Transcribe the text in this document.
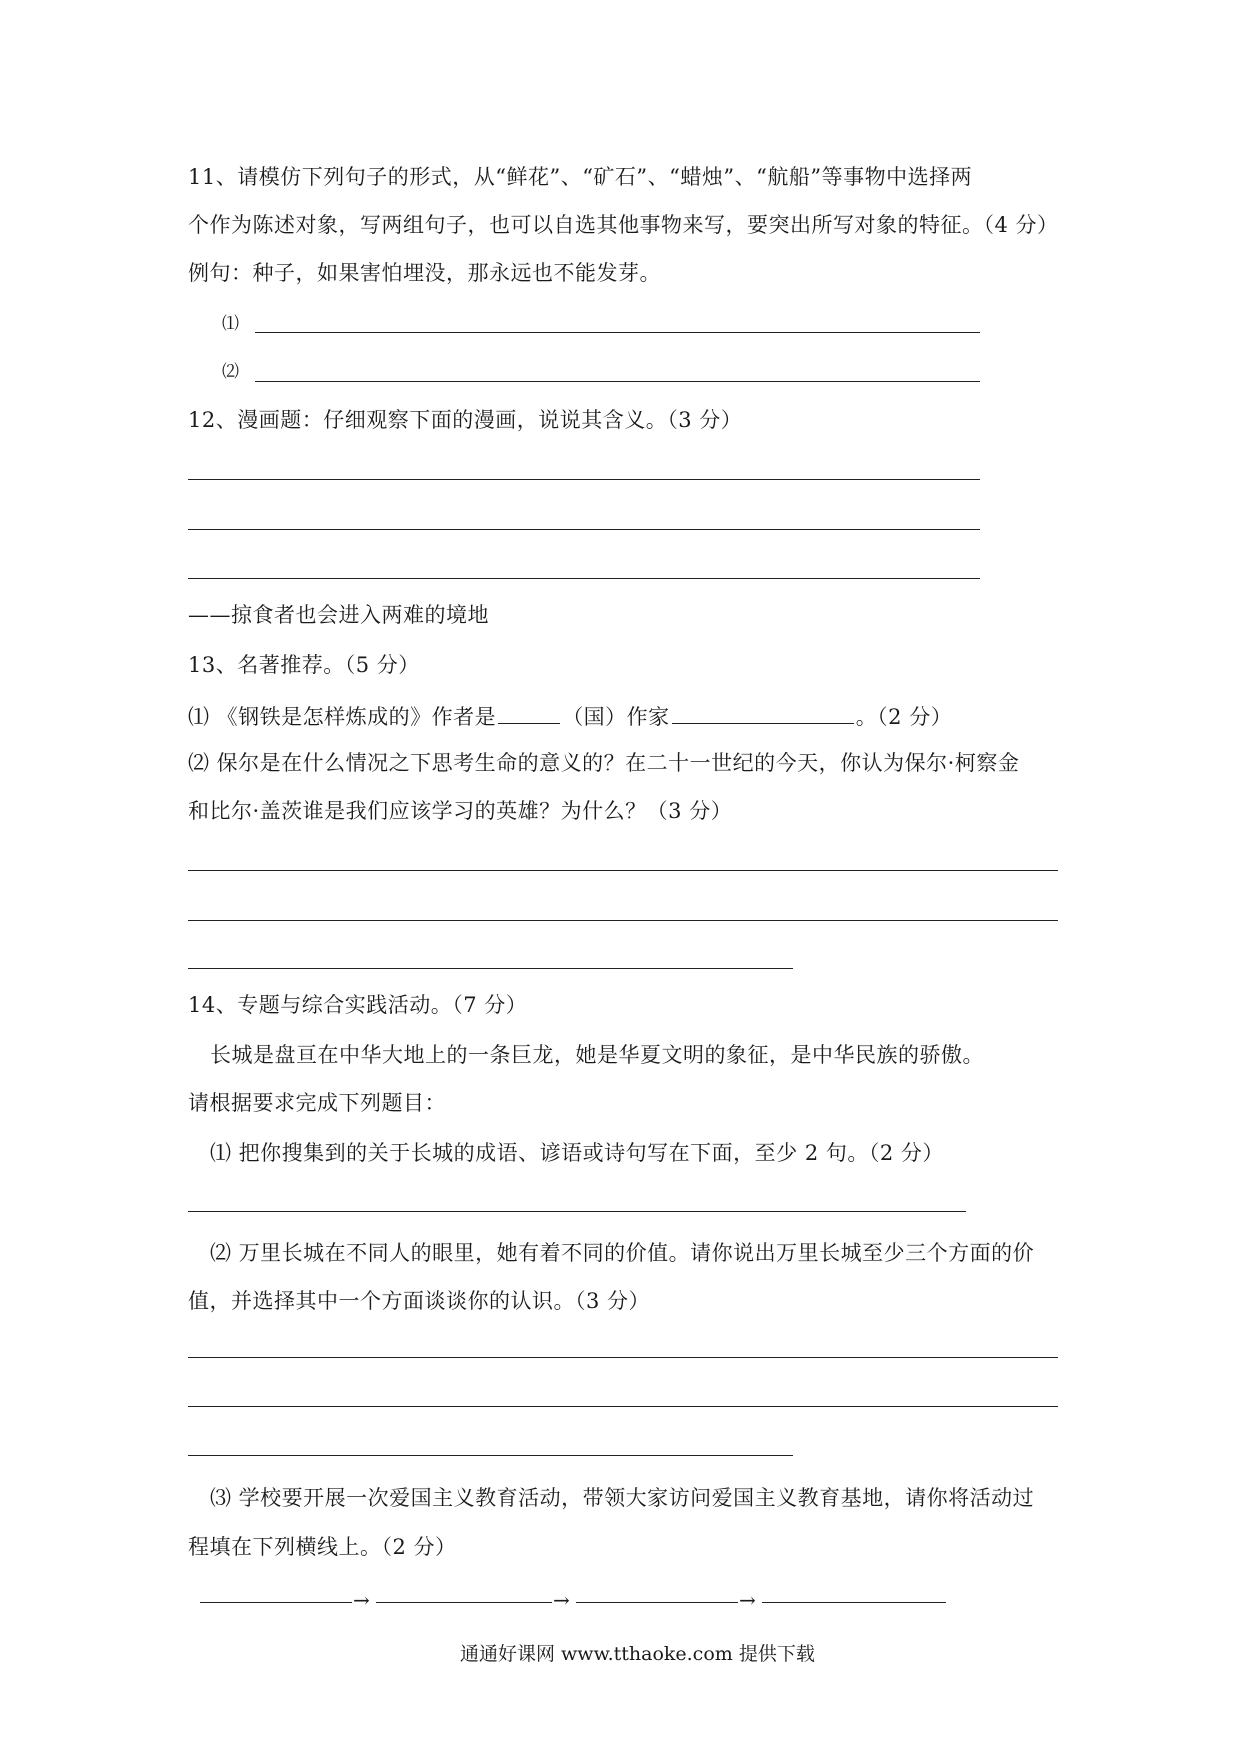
11、请模仿下列句子的形式，从“鲜花”、“矿石”、“蜡烛”、“航船”等事物中选择两
个作为陈述对象，写两组句子，也可以自选其他事物来写，要突出所写对象的特征。（4 分）
例句：种子，如果害怕埋没，那永远也不能发芽。
⑴
⑵
12、漫画题：仔细观察下面的漫画，说说其含义。（3 分）
——掠食者也会进入两难的境地
13、名著推荐。（5 分）
⑴ 《钢铁是怎样炼成的》作者是	（国）作家	。（2 分）
⑵ 保尔是在什么情况之下思考生命的意义的？在二十一世纪的今天，你认为保尔·柯察金
和比尔·盖茨谁是我们应该学习的英雄？为什么？（3 分）
14、专题与综合实践活动。（7 分）
长城是盘亘在中华大地上的一条巨龙，她是华夏文明的象征，是中华民族的骄傲。
请根据要求完成下列题目：
⑴ 把你搜集到的关于长城的成语、谚语或诗句写在下面，至少 2 句。（2 分）
⑵ 万里长城在不同人的眼里，她有着不同的价值。请你说出万里长城至少三个方面的价
值，并选择其中一个方面谈谈你的认识。（3 分）
⑶ 学校要开展一次爱国主义教育活动，带领大家访问爱国主义教育基地，请你将活动过
程填在下列横线上。（2 分）
→	→	→
通通好课网 www.tthaoke.com 提供下载
